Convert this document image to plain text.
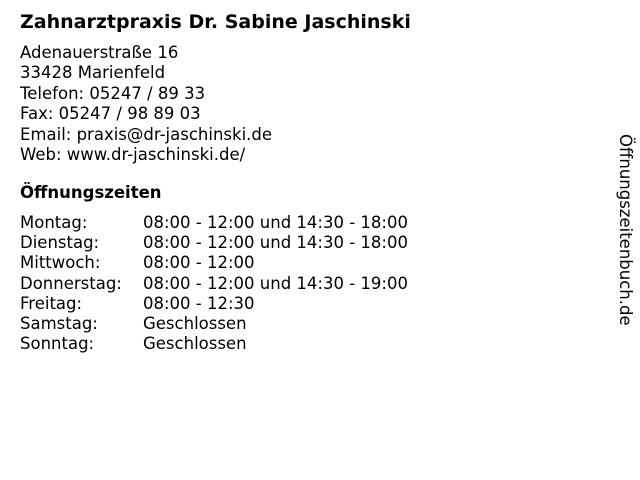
Zahnarztpraxis Dr. Sabine Jaschinski
Adenauerstraße 16
33428 Marienfeld
Telefon: 05247 / 89 33
Fax: 05247 / 98 89 03
Email: praxis@dr-jaschinski.de
Web: www.dr-jaschinski.de/
Öffnungszeiten
Montag:	08:00 - 12:00 und 14:30 - 18:00
Dienstag:	08:00 - 12:00 und 14:30 - 18:00
Mittwoch:	08:00 - 12:00
Donnerstag:	08:00 - 12:00 und 14:30 - 19:00
Freitag:	08:00 - 12:30
Samstag:	Geschlossen
Sonntag:	Geschlossen
Öffnungszeitenbuch.de
